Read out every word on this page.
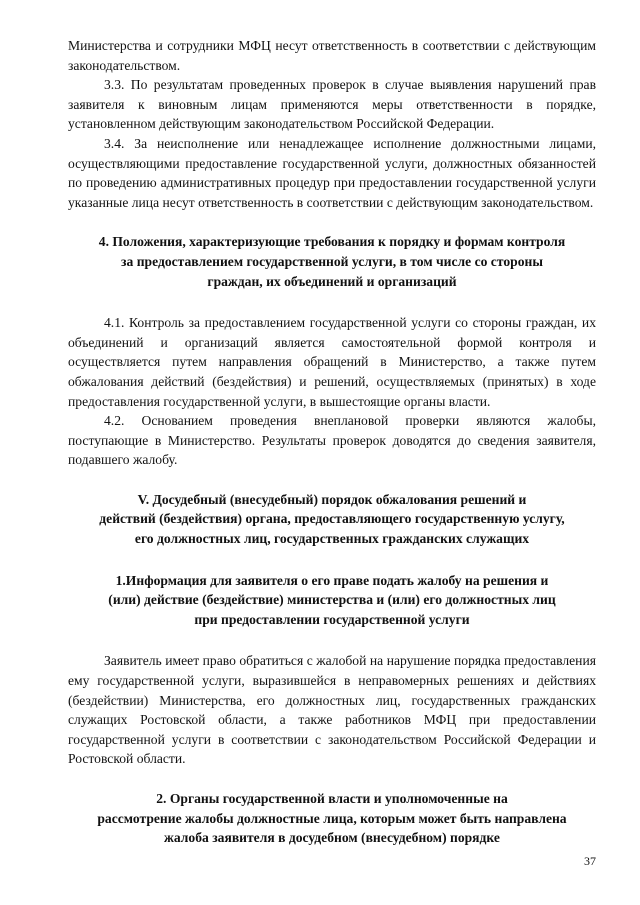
Министерства и сотрудники МФЦ несут ответственность в соответствии с действующим законодательством.

3.3. По результатам проведенных проверок в случае выявления нарушений прав заявителя к виновным лицам применяются меры ответственности в порядке, установленном действующим законодательством Российской Федерации.

3.4. За неисполнение или ненадлежащее исполнение должностными лицами, осуществляющими предоставление государственной услуги, должностных обязанностей по проведению административных процедур при предоставлении государственной услуги указанные лица несут ответственность в соответствии с действующим законодательством.

4. Положения, характеризующие требования к порядку и формам контроля
за предоставлением государственной услуги, в том числе со стороны
граждан, их объединений и организаций

4.1. Контроль за предоставлением государственной услуги со стороны граждан, их объединений и организаций является самостоятельной формой контроля и осуществляется путем направления обращений в Министерство, а также путем обжалования действий (бездействия) и решений, осуществляемых (принятых) в ходе предоставления государственной услуги, в вышестоящие органы власти.

4.2. Основанием проведения внеплановой проверки являются жалобы, поступающие в Министерство. Результаты проверок доводятся до сведения заявителя, подавшего жалобу.

V. Досудебный (внесудебный) порядок обжалования решений и
действий (бездействия) органа, предоставляющего государственную услугу,
его должностных лиц, государственных гражданских служащих
1.Информация для заявителя о его праве подать жалобу на решения и
(или) действие (бездействие) министерства и (или) его должностных лиц
при предоставлении государственной услуги

Заявитель имеет право обратиться с жалобой на нарушение порядка предоставления ему государственной услуги, выразившейся в неправомерных решениях и действиях (бездействии) Министерства, его должностных лиц, государственных гражданских служащих Ростовской области, а также работников МФЦ при предоставлении государственной услуги в соответствии с законодательством Российской Федерации и Ростовской области.

2. Органы государственной власти и уполномоченные на
рассмотрение жалобы должностные лица, которым может быть направлена
жалоба заявителя в досудебном (внесудебном) порядке
37
